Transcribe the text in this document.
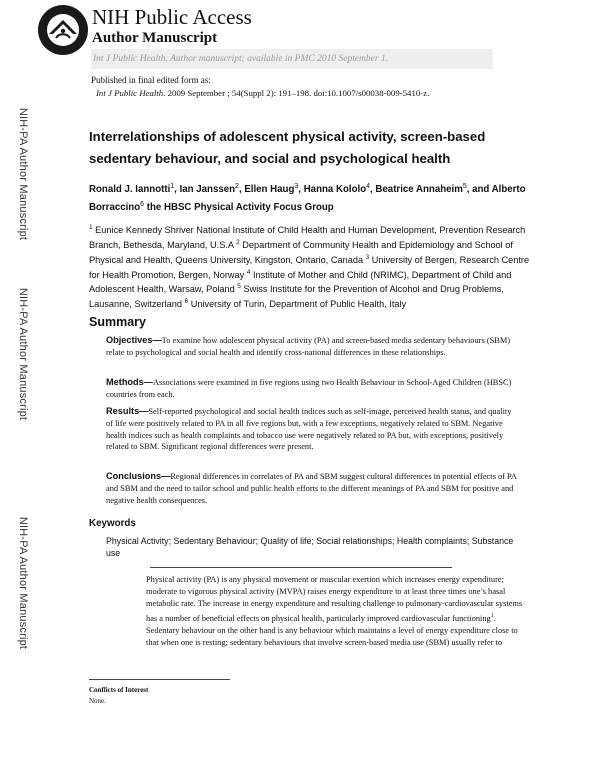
NIH Public Access
Author Manuscript
Int J Public Health. Author manuscript; available in PMC 2010 September 1.
Published in final edited form as:
Int J Public Health. 2009 September ; 54(Suppl 2): 191–198. doi:10.1007/s00038-009-5410-z.
NIH-PA Author Manuscript
NIH-PA Author Manuscript
NIH-PA Author Manuscript
Interrelationships of adolescent physical activity, screen-based sedentary behaviour, and social and psychological health
Ronald J. Iannotti$^1$, Ian Janssen$^2$, Ellen Haug$^3$, Hanna Kololo$^4$, Beatrice Annaheim$^5$, and Alberto Borraccino$^6$ the HBSC Physical Activity Focus Group
$^1$ Eunice Kennedy Shriver National Institute of Child Health and Human Development, Prevention Research Branch, Bethesda, Maryland, U.S.A $^2$ Department of Community Health and Epidemiology and School of Physical and Health, Queens University, Kingston, Ontario, Canada $^3$ University of Bergen, Research Centre for Health Promotion, Bergen, Norway $^4$ Institute of Mother and Child (NRIMC), Department of Child and Adolescent Health, Warsaw, Poland $^5$ Swiss Institute for the Prevention of Alcohol and Drug Problems, Lausanne, Switzerland $^6$ University of Turin, Department of Public Health, Italy
Summary

Objectives—To examine how adolescent physical activity (PA) and screen-based media sedentary behaviours (SBM) relate to psychological and social health and identify cross-national differences in these relationships.

Methods—Associations were examined in five regions using two Health Behaviour in School-Aged Children (HBSC) countries from each.

Results—Self-reported psychological and social health indices such as self-image, perceived health status, and quality of life were positively related to PA in all five regions but, with a few exceptions, negatively related to SBM. Negative health indices such as health complaints and tobacco use were negatively related to PA but, with exceptions, positively related to SBM. Significant regional differences were present.

Conclusions—Regional differences in correlates of PA and SBM suggest cultural differences in potential effects of PA and SBM and the need to tailor school and public health efforts to the different meanings of PA and SBM for positive and negative health consequences.

Keywords

Physical Activity; Sedentary Behaviour; Quality of life; Social relationships; Health complaints; Substance use

Physical activity (PA) is any physical movement or muscular exertion which increases energy expenditure; moderate to vigorous physical activity (MVPA) raises energy expenditure to at least three times one’s basal metabolic rate. The increase in energy expenditure and resulting challenge to pulmonary-cardiovascular systems has a number of beneficial effects on physical health, particularly improved cardiovascular functioning$^1$. Sedentary behaviour on the other hand is any behaviour which maintains a level of energy expenditure close to that when one is resting; sedentary behaviours that involve screen-based media use (SBM) usually refer to

Conflicts of Interest
None.
